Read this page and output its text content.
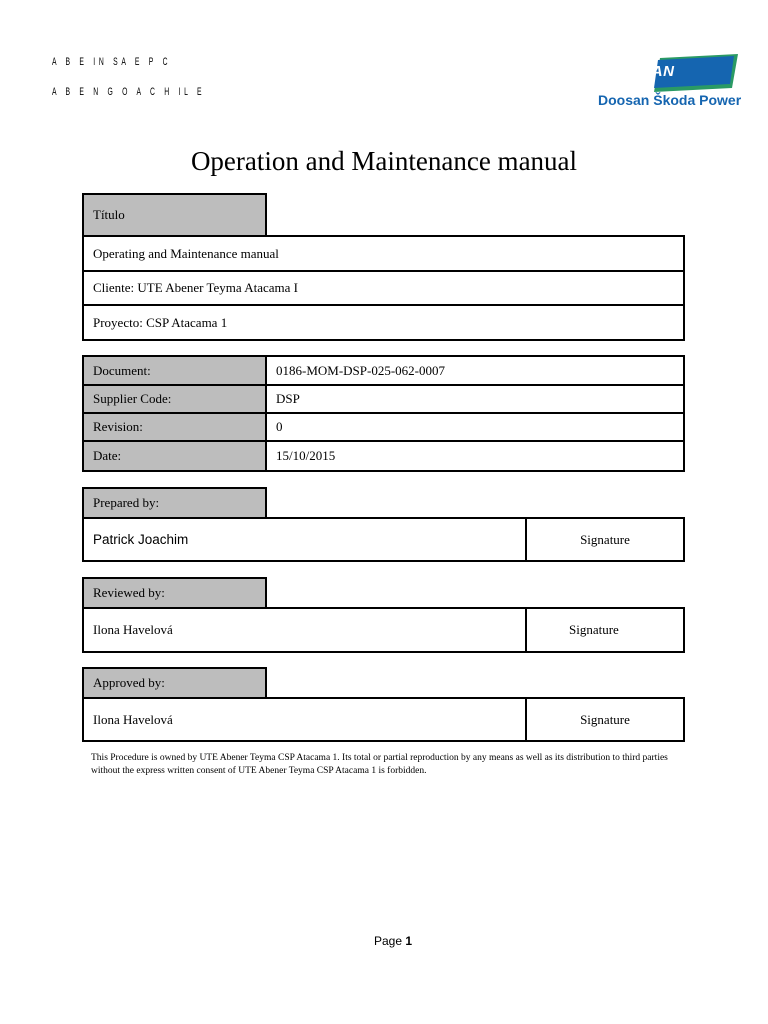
A B E IN SA E P C
A B E N G O A C H IL E
DOOSAN
Doosan Škoda Power
Operation and Maintenance manual
Título
Operating and Maintenance manual
Cliente: UTE Abener Teyma Atacama I
Proyecto: CSP Atacama 1
Document:	0186-MOM-DSP-025-062-0007
Supplier Code:	DSP
Revision:	0
Date:	15/10/2015
Prepared by:
Patrick Joachim	Signature
Reviewed by:
Ilona Havelová	Signature
Approved by:
Ilona Havelová	Signature
This Procedure is owned by UTE Abener Teyma CSP Atacama 1. Its total or partial reproduction by any means as well as its distribution to third parties without the express written consent of UTE Abener Teyma CSP Atacama 1 is forbidden.
Page 1
